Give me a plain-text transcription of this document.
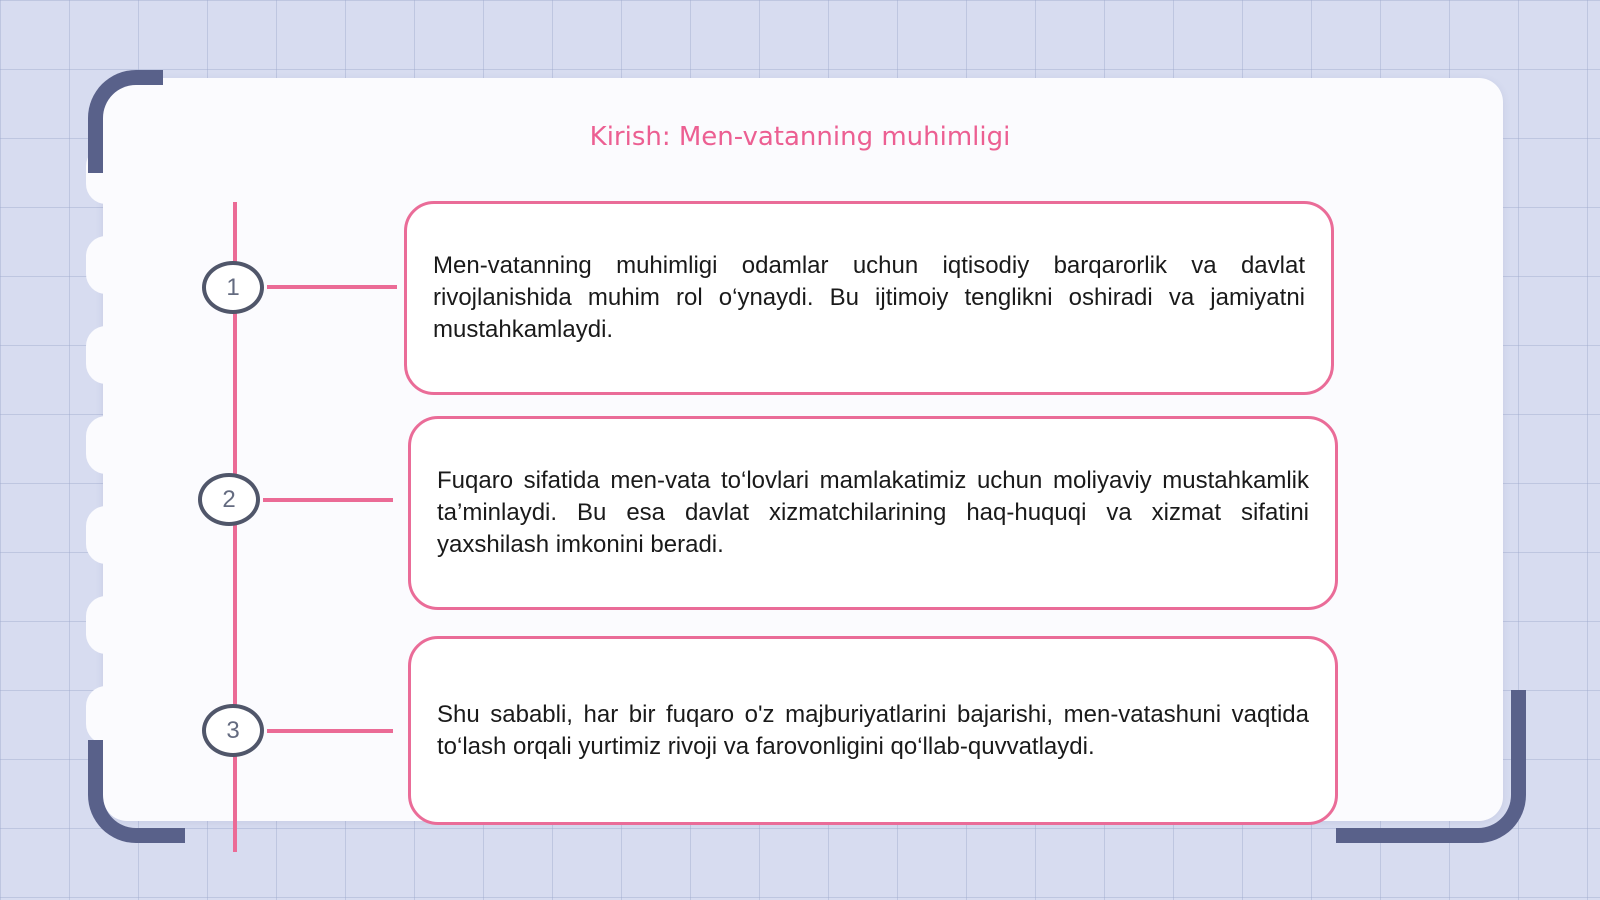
Kirish: Men-vatanning muhimligi
1
2
3

Men-vatanning muhimligi odamlar uchun iqtisodiy barqarorlik va davlat rivojlanishida muhim rol o‘ynaydi. Bu ijtimoiy tenglikni oshiradi va jamiyatni mustahkamlaydi.

Fuqaro sifatida men-vata to‘lovlari mamlakatimiz uchun moliyaviy mustahkamlik ta’minlaydi. Bu esa davlat xizmatchilarining haq-huquqi va xizmat sifatini yaxshilash imkonini beradi.

Shu sababli, har bir fuqaro o'z majburiyatlarini bajarishi, men-vatashuni vaqtida to‘lash orqali yurtimiz rivoji va farovonligini qo‘llab-quvvatlaydi.
